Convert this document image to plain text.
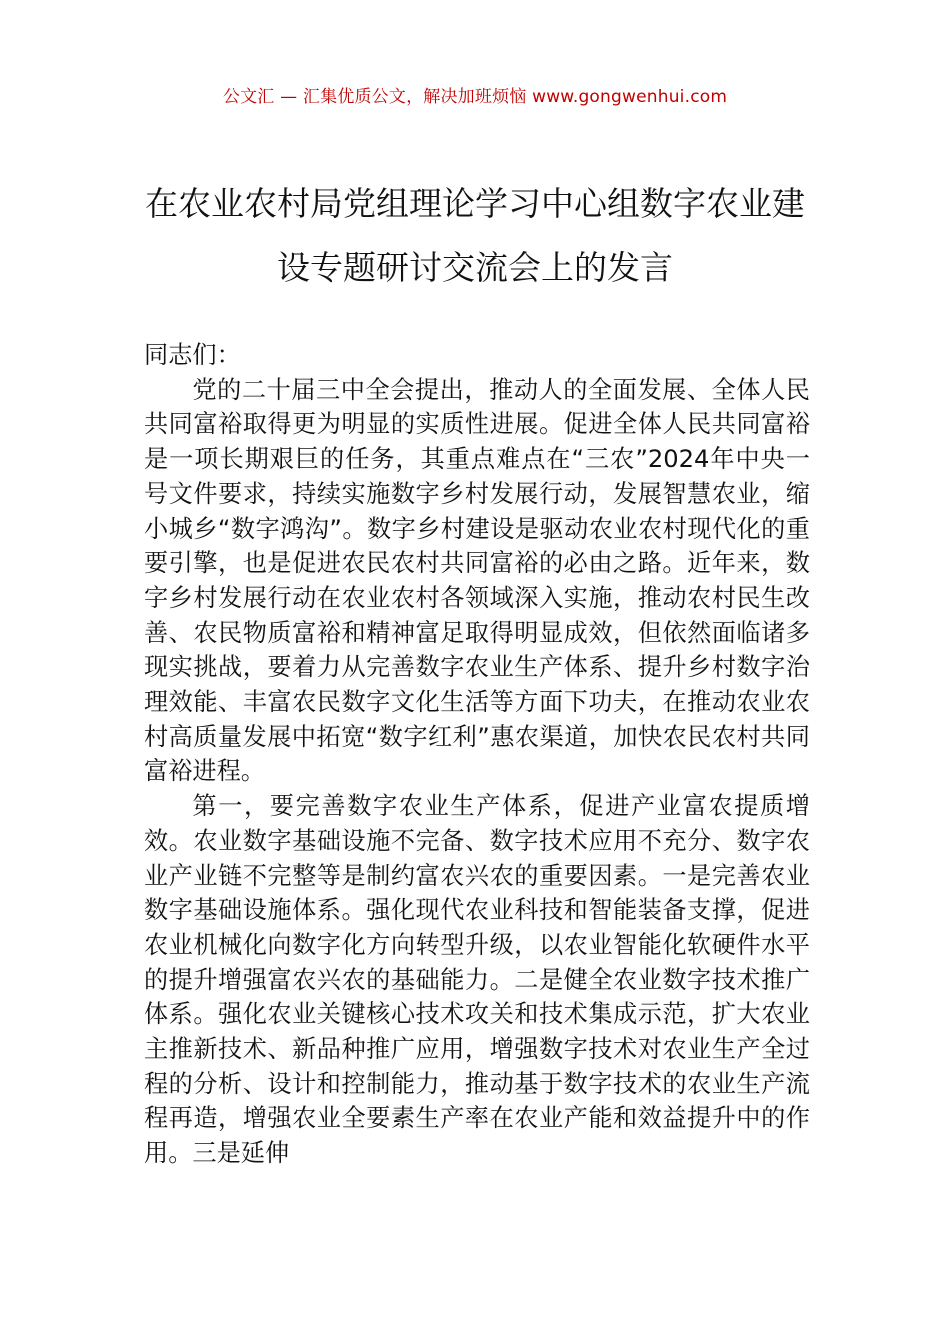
公文汇 — 汇集优质公文，解决加班烦恼 www.gongwenhui.com
在农业农村局党组理论学习中心组数字农业建设专题研讨交流会上的发言

同志们：

党的二十届三中全会提出，推动人的全面发展、全体人民共同富裕取得更为明显的实质性进展。促进全体人民共同富裕是一项长期艰巨的任务，其重点难点在“三农”2024年中央一号文件要求，持续实施数字乡村发展行动，发展智慧农业，缩小城乡“数字鸿沟”。数字乡村建设是驱动农业农村现代化的重要引擎，也是促进农民农村共同富裕的必由之路。近年来，数字乡村发展行动在农业农村各领域深入实施，推动农村民生改善、农民物质富裕和精神富足取得明显成效，但依然面临诸多现实挑战，要着力从完善数字农业生产体系、提升乡村数字治理效能、丰富农民数字文化生活等方面下功夫，在推动农业农村高质量发展中拓宽“数字红利”惠农渠道，加快农民农村共同富裕进程。

第一，要完善数字农业生产体系，促进产业富农提质增效。农业数字基础设施不完备、数字技术应用不充分、数字农业产业链不完整等是制约富农兴农的重要因素。一是完善农业数字基础设施体系。强化现代农业科技和智能装备支撑，促进农业机械化向数字化方向转型升级，以农业智能化软硬件水平的提升增强富农兴农的基础能力。二是健全农业数字技术推广体系。强化农业关键核心技术攻关和技术集成示范，扩大农业主推新技术、新品种推广应用，增强数字技术对农业生产全过程的分析、设计和控制能力，推动基于数字技术的农业生产流程再造，增强农业全要素生产率在农业产能和效益提升中的作用。三是延伸
